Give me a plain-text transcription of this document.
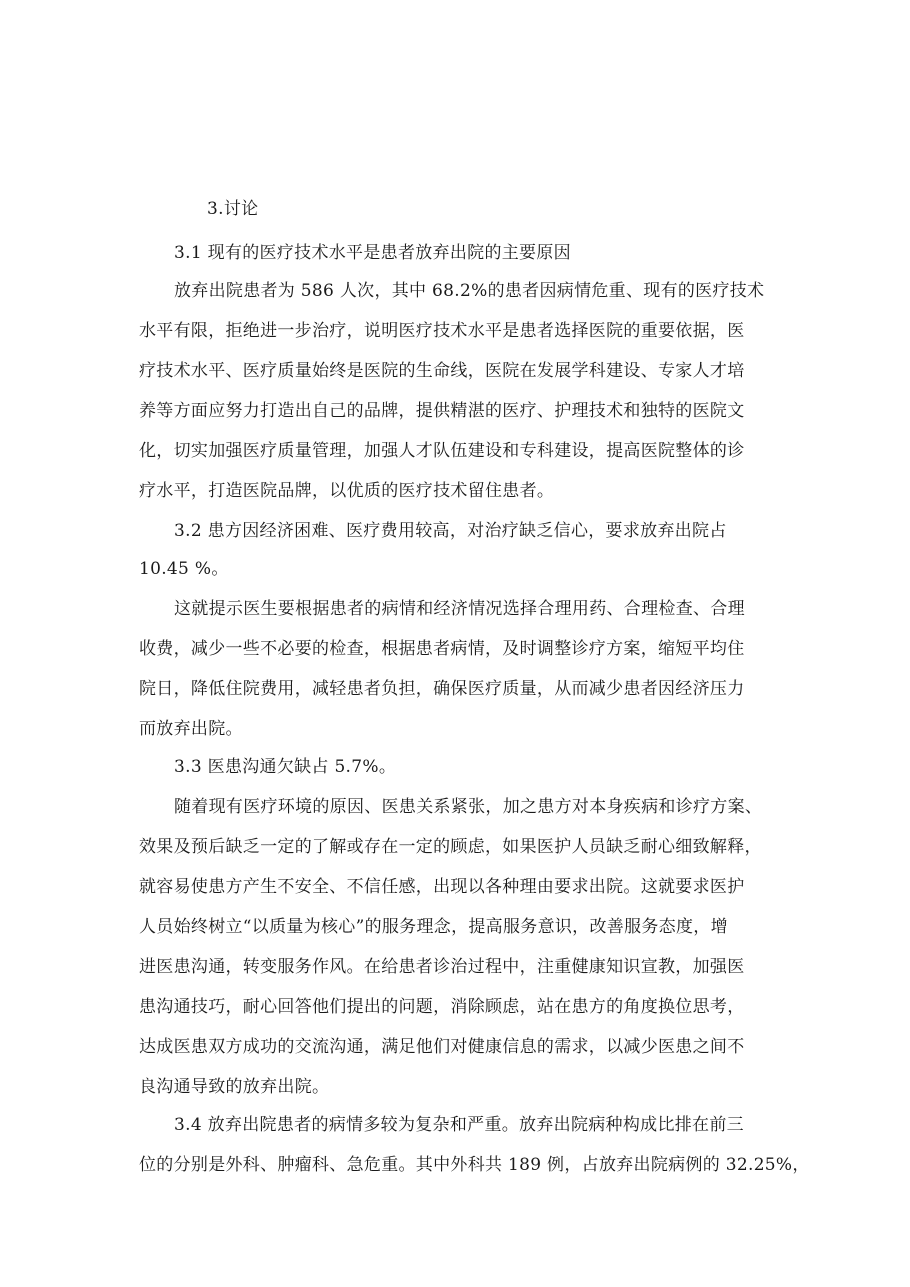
3.讨论
3.1 现有的医疗技术水平是患者放弃出院的主要原因
放弃出院患者为 586 人次，其中 68.2%的患者因病情危重、现有的医疗技术
水平有限，拒绝进一步治疗，说明医疗技术水平是患者选择医院的重要依据，医
疗技术水平、医疗质量始终是医院的生命线，医院在发展学科建设、专家人才培
养等方面应努力打造出自己的品牌，提供精湛的医疗、护理技术和独特的医院文
化，切实加强医疗质量管理，加强人才队伍建设和专科建设，提高医院整体的诊
疗水平，打造医院品牌，以优质的医疗技术留住患者。
3.2 患方因经济困难、医疗费用较高，对治疗缺乏信心，要求放弃出院占
10.45 %。
这就提示医生要根据患者的病情和经济情况选择合理用药、合理检查、合理
收费，减少一些不必要的检查，根据患者病情，及时调整诊疗方案，缩短平均住
院日，降低住院费用，减轻患者负担，确保医疗质量，从而减少患者因经济压力
而放弃出院。
3.3 医患沟通欠缺占 5.7%。
随着现有医疗环境的原因、医患关系紧张，加之患方对本身疾病和诊疗方案、
效果及预后缺乏一定的了解或存在一定的顾虑，如果医护人员缺乏耐心细致解释，
就容易使患方产生不安全、不信任感，出现以各种理由要求出院。这就要求医护
人员始终树立“以质量为核心”的服务理念，提高服务意识，改善服务态度，增
进医患沟通，转变服务作风。在给患者诊治过程中，注重健康知识宣教，加强医
患沟通技巧，耐心回答他们提出的问题，消除顾虑，站在患方的角度换位思考，
达成医患双方成功的交流沟通，满足他们对健康信息的需求，以减少医患之间不
良沟通导致的放弃出院。
3.4 放弃出院患者的病情多较为复杂和严重。放弃出院病种构成比排在前三
位的分别是外科、肿瘤科、急危重。其中外科共 189 例，占放弃出院病例的 32.25%，
